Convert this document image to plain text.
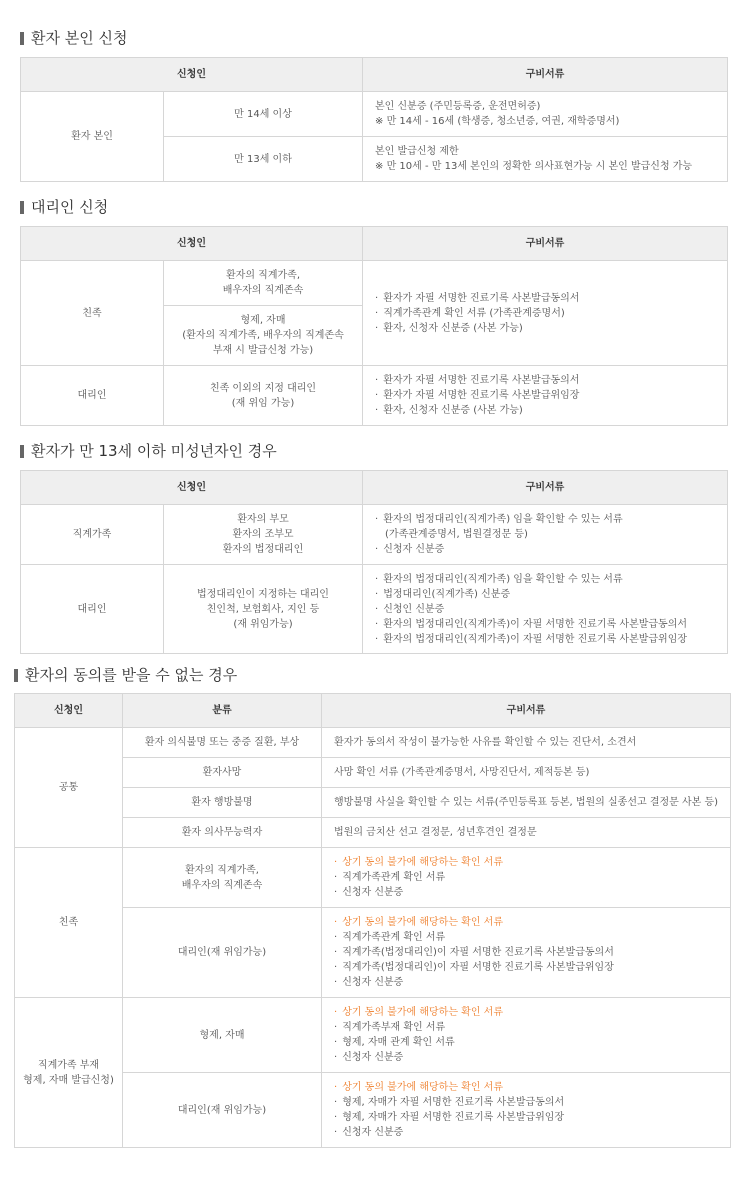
환자 본인 신청
신청인		구비서류
환자 본인	만 14세 이상	본인 신분증 (주민등록증, 운전면허증)
※ 만 14세 - 16세 (학생증, 청소년증, 여권, 재학증명서)

	만 13세 이하	본인 발급신청 제한
※ 만 10세 - 만 13세 본인의 정확한 의사표현가능 시 본인 발급신청 가능
대리인 신청
신청인		구비서류
친족	환자의 직계가족,
배우자의 직계존속	· 환자가 자필 서명한 진료기록 사본발급동의서
· 직계가족관계 확인 서류 (가족관계증명서)
· 환자, 신청자 신분증 (사본 가능)

	형제, 자매
(환자의 직계가족, 배우자의 직계존속
부재 시 발급신청 가능)	

대리인	친족 이외의 지정 대리인
(재 위임 가능)	· 환자가 자필 서명한 진료기록 사본발급동의서
· 환자가 자필 서명한 진료기록 사본발급위임장
· 환자, 신청자 신분증 (사본 가능)
환자가 만 13세 이하 미성년자인 경우
신청인		구비서류
직계가족	환자의 부모
환자의 조부모
환자의 법정대리인	· 환자의 법정대리인(직계가족) 임을 확인할 수 있는 서류
(가족관계증명서, 법원결정문 등)
· 신청자 신분증

대리인	법정대리인이 지정하는 대리인
친인척, 보험회사, 지인 등
(재 위임가능)	· 환자의 법정대리인(직계가족) 임을 확인할 수 있는 서류
· 법정대리인(직계가족) 신분증
· 신청인 신분증
· 환자의 법정대리인(직계가족)이 자필 서명한 진료기록 사본발급동의서
· 환자의 법정대리인(직계가족)이 자필 서명한 진료기록 사본발급위임장
환자의 동의를 받을 수 없는 경우
신청인	분류	구비서류
공통	환자 의식불명 또는 중증 질환, 부상	환자가 동의서 작성이 불가능한 사유를 확인할 수 있는 진단서, 소견서
	환자사망	사망 확인 서류 (가족관계증명서, 사망진단서, 제적등본 등)
	환자 행방불명	행방불명 사실을 확인할 수 있는 서류(주민등록표 등본, 법원의 실종선고 결정문 사본 등)

	환자 의사무능력자	법원의 금치산 선고 결정문, 성년후견인 결정문
친족	환자의 직계가족,
배우자의 직계존속	· 상기 동의 불가에 해당하는 확인 서류
· 직계가족관계 확인 서류
· 신청자 신분증

	대리인(재 위임가능)	· 상기 동의 불가에 해당하는 확인 서류
· 직계가족관계 확인 서류
· 직계가족(법정대리인)이 자필 서명한 진료기록 사본발급동의서
· 직계가족(법정대리인)이 자필 서명한 진료기록 사본발급위임장
· 신청자 신분증

직계가족 부재
형제, 자매 발급신청)	형제, 자매	· 상기 동의 불가에 해당하는 확인 서류
· 직계가족부재 확인 서류
· 형제, 자매 관계 확인 서류
· 신청자 신분증

	대리인(재 위임가능)	· 상기 동의 불가에 해당하는 확인 서류
· 형제, 자매가 자필 서명한 진료기록 사본발급동의서
· 형제, 자매가 자필 서명한 진료기록 사본발급위임장
· 신청자 신분증
